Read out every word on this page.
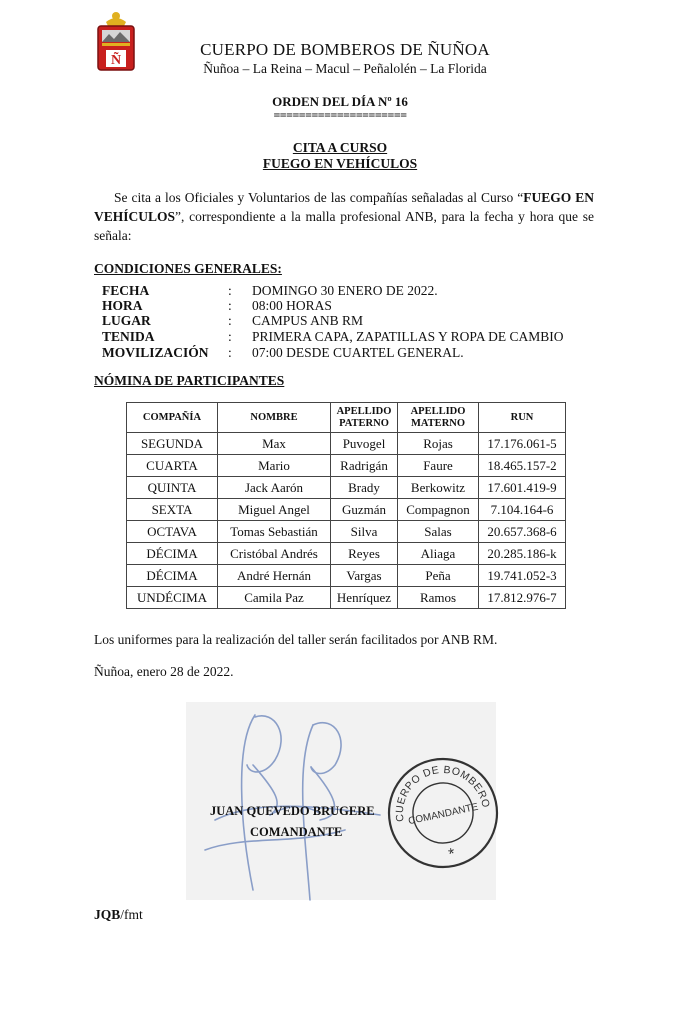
Ñ
CUERPO DE BOMBEROS DE ÑUÑOA
Ñuñoa – La Reina – Macul – Peñalolén – La Florida
ORDEN DEL DÍA Nº 16
=====================
CITA A CURSO
FUEGO EN VEHÍCULOS
Se cita a los Oficiales y Voluntarios de las compañías señaladas al Curso “FUEGO EN VEHÍCULOS”, correspondiente a la malla profesional ANB, para la fecha y hora que se señala:
CONDICIONES GENERALES:
FECHA	: DOMINGO 30 ENERO DE 2022.
HORA	: 08:00 HORAS
LUGAR	: CAMPUS ANB RM
TENIDA	: PRIMERA CAPA, ZAPATILLAS Y ROPA DE CAMBIO
MOVILIZACIÓN : 07:00 DESDE CUARTEL GENERAL.
NÓMINA DE PARTICIPANTES
COMPAÑÍA	NOMBRE	APELLIDO PATERNO	APELLIDO MATERNO	RUN
SEGUNDA	Max	Puvogel	Rojas	17.176.061-5
CUARTA	Mario	Radrigán	Faure	18.465.157-2
QUINTA	Jack Aarón	Brady	Berkowitz	17.601.419-9
SEXTA	Miguel Angel	Guzmán	Compagnon	7.104.164-6
OCTAVA	Tomas Sebastián	Silva	Salas	20.657.368-6
DÉCIMA	Cristóbal Andrés	Reyes	Aliaga	20.285.186-k
DÉCIMA	André Hernán	Vargas	Peña	19.741.052-3
UNDÉCIMA	Camila Paz	Henríquez	Ramos	17.812.976-7
Los uniformes para la realización del taller serán facilitados por ANB RM.
Ñuñoa, enero 28 de 2022.
JUAN QUEVEDO BRUGERE
COMANDANTE
CUERPO DE BOMBEROS
COMANDANTE
*
JQB/fmt
